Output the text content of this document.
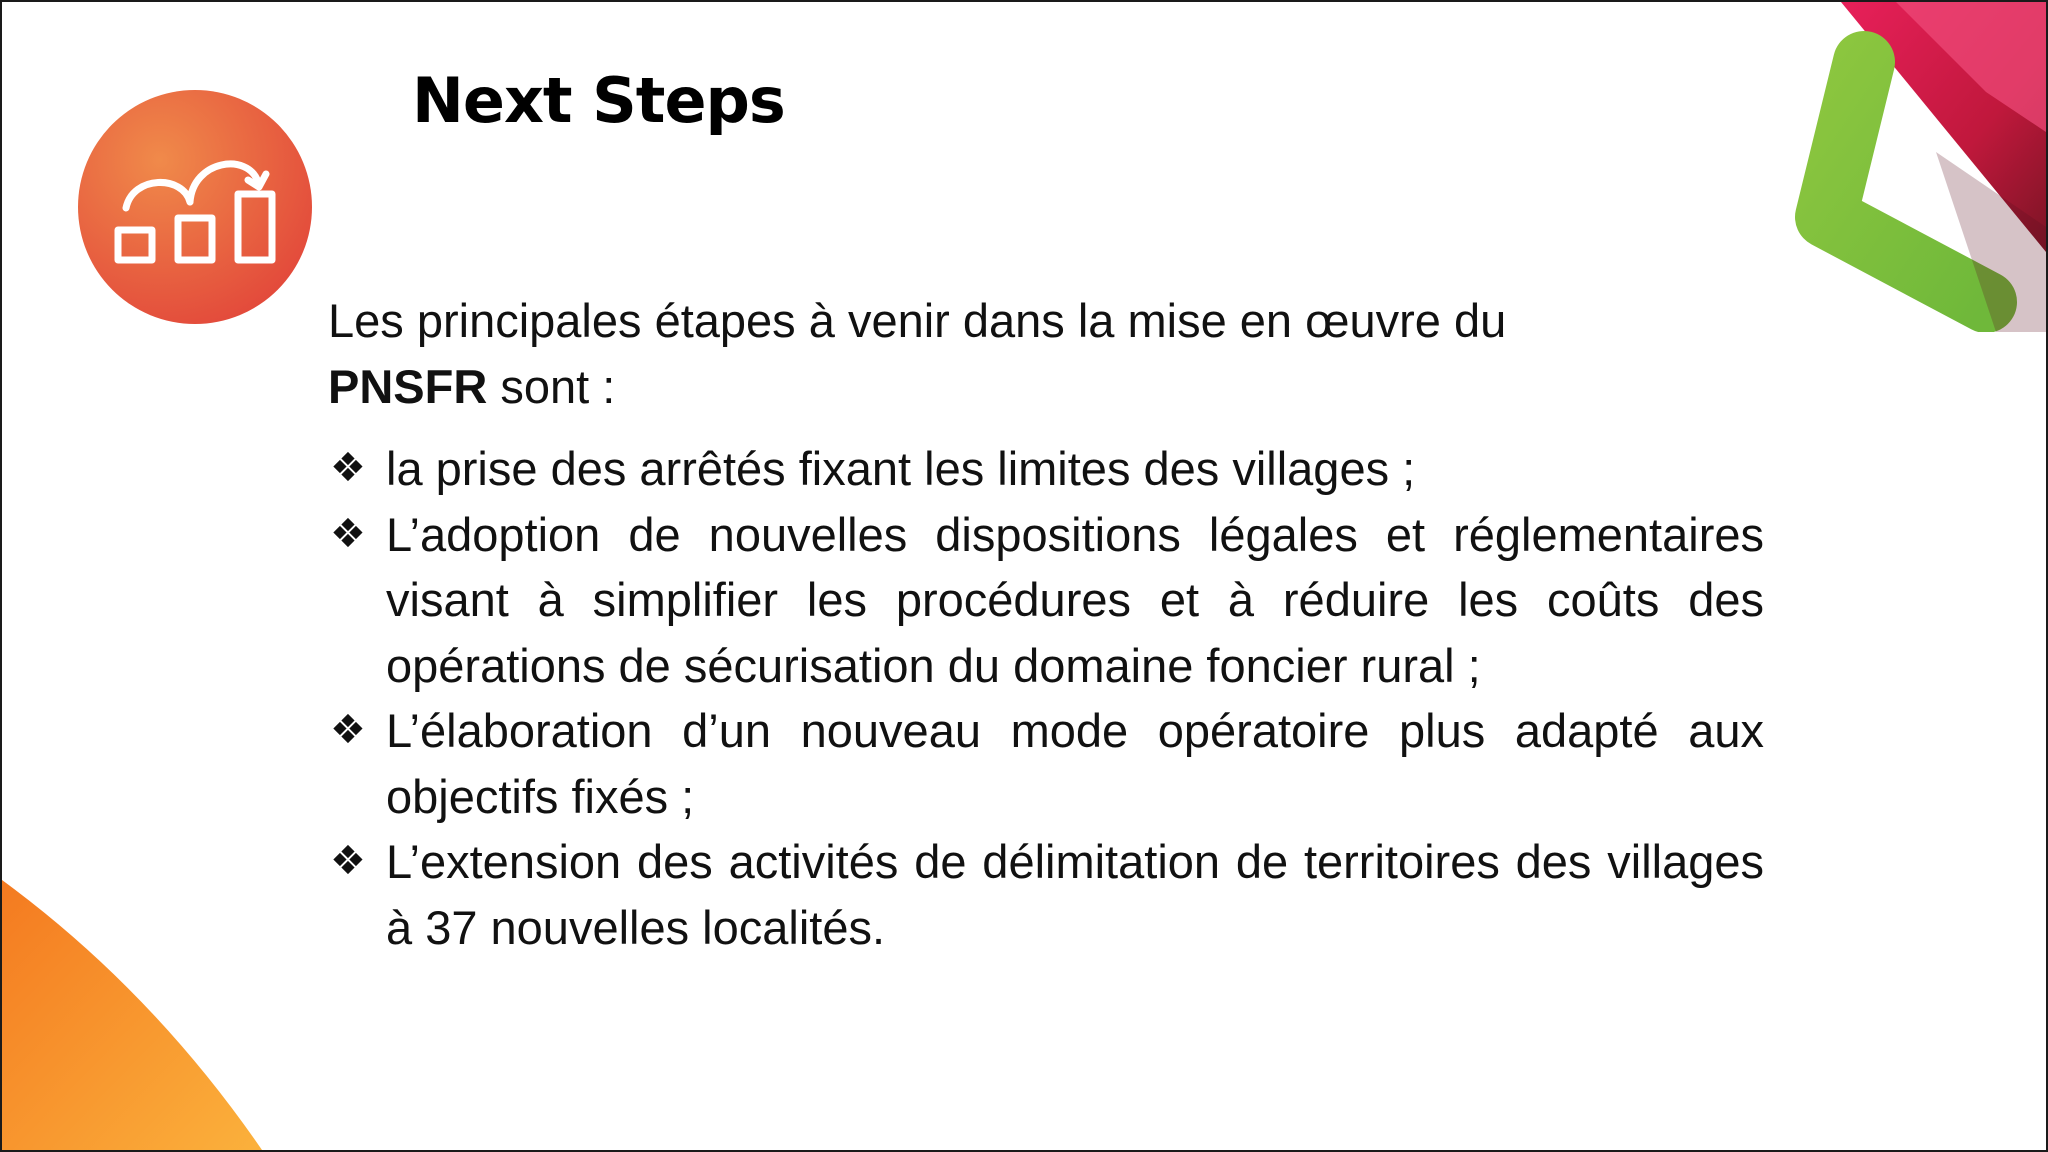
Next Steps

Les principales étapes à venir dans la mise en œuvre du
PNSFR sont :

❖ la prise des arrêtés fixant les limites des villages ;
❖ L’adoption de nouvelles dispositions légales et réglementaires visant à simplifier les procédures et à réduire les coûts des opérations de sécurisation du domaine foncier rural ;
❖ L’élaboration d’un nouveau mode opératoire plus adapté aux objectifs fixés ;
❖ L’extension des activités de délimitation de territoires des villages à 37 nouvelles localités.
